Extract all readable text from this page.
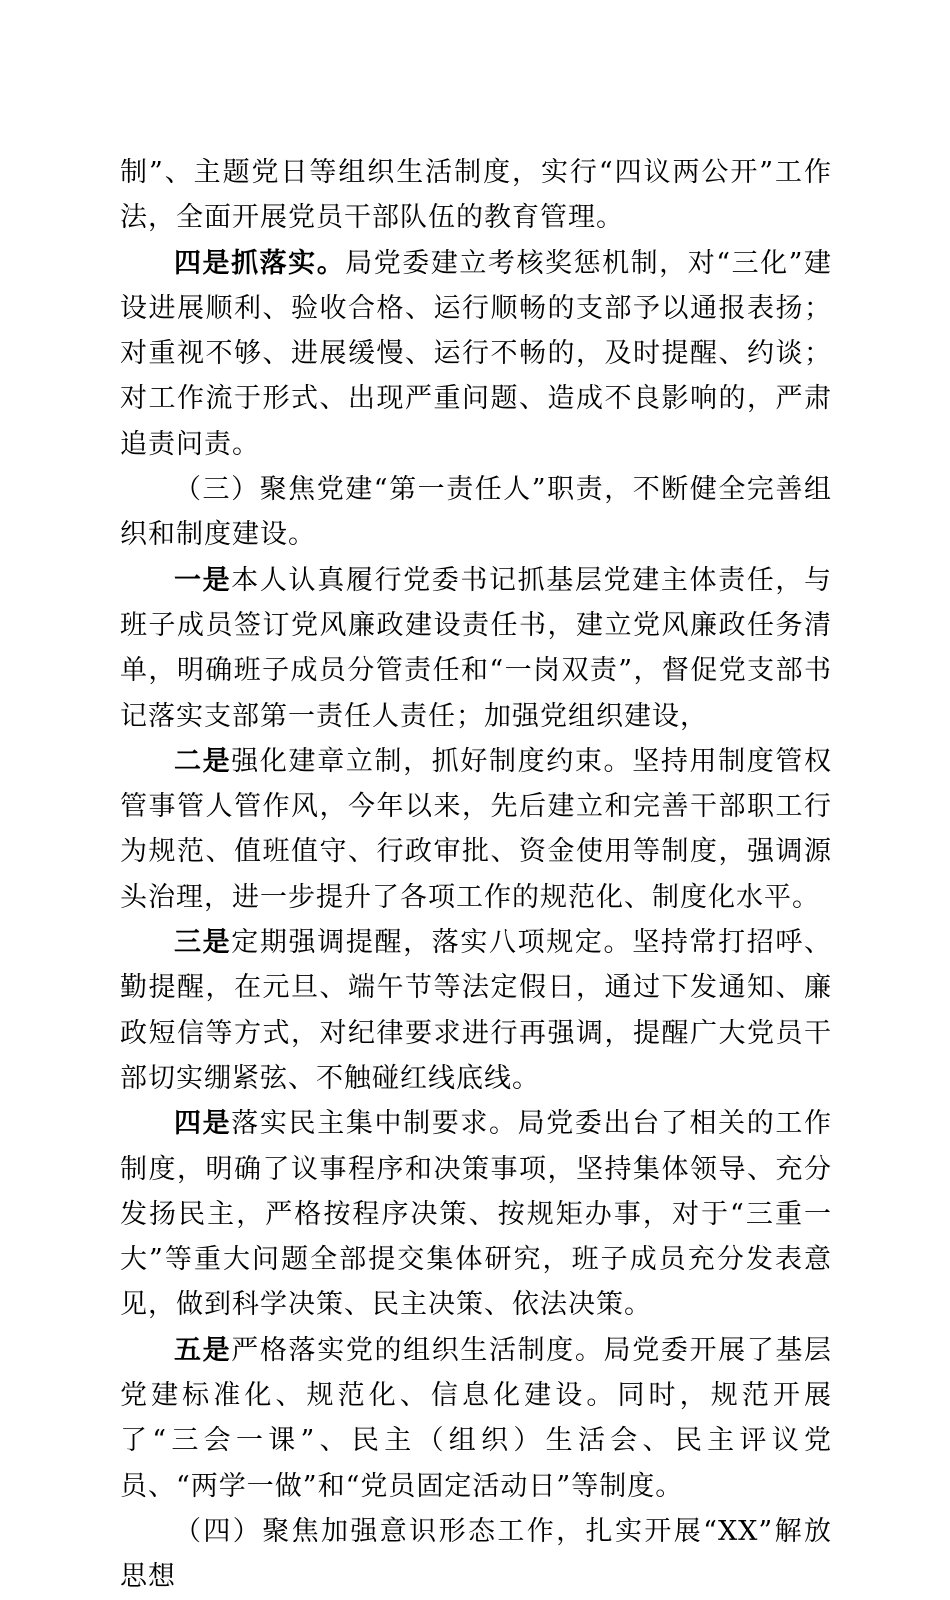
制”、主题党日等组织生活制度，实行“四议两公开”工作法，全面开展党员干部队伍的教育管理。

四是抓落实。局党委建立考核奖惩机制，对“三化”建设进展顺利、验收合格、运行顺畅的支部予以通报表扬；对重视不够、进展缓慢、运行不畅的，及时提醒、约谈；对工作流于形式、出现严重问题、造成不良影响的，严肃追责问责。

（三）聚焦党建“第一责任人”职责，不断健全完善组织和制度建设。

一是本人认真履行党委书记抓基层党建主体责任，与班子成员签订党风廉政建设责任书，建立党风廉政任务清单，明确班子成员分管责任和“一岗双责”，督促党支部书记落实支部第一责任人责任；加强党组织建设，

二是强化建章立制，抓好制度约束。坚持用制度管权管事管人管作风，今年以来，先后建立和完善干部职工行为规范、值班值守、行政审批、资金使用等制度，强调源头治理，进一步提升了各项工作的规范化、制度化水平。

三是定期强调提醒，落实八项规定。坚持常打招呼、勤提醒，在元旦、端午节等法定假日，通过下发通知、廉政短信等方式，对纪律要求进行再强调，提醒广大党员干部切实绷紧弦、不触碰红线底线。

四是落实民主集中制要求。局党委出台了相关的工作制度，明确了议事程序和决策事项，坚持集体领导、充分发扬民主，严格按程序决策、按规矩办事，对于“三重一大”等重大问题全部提交集体研究，班子成员充分发表意见，做到科学决策、民主决策、依法决策。

五是严格落实党的组织生活制度。局党委开展了基层党建标准化、规范化、信息化建设。同时，规范开展了“三会一课”、民主（组织）生活会、民主评议党员、“两学一做”和“党员固定活动日”等制度。

（四）聚焦加强意识形态工作，扎实开展“XX”解放思想
